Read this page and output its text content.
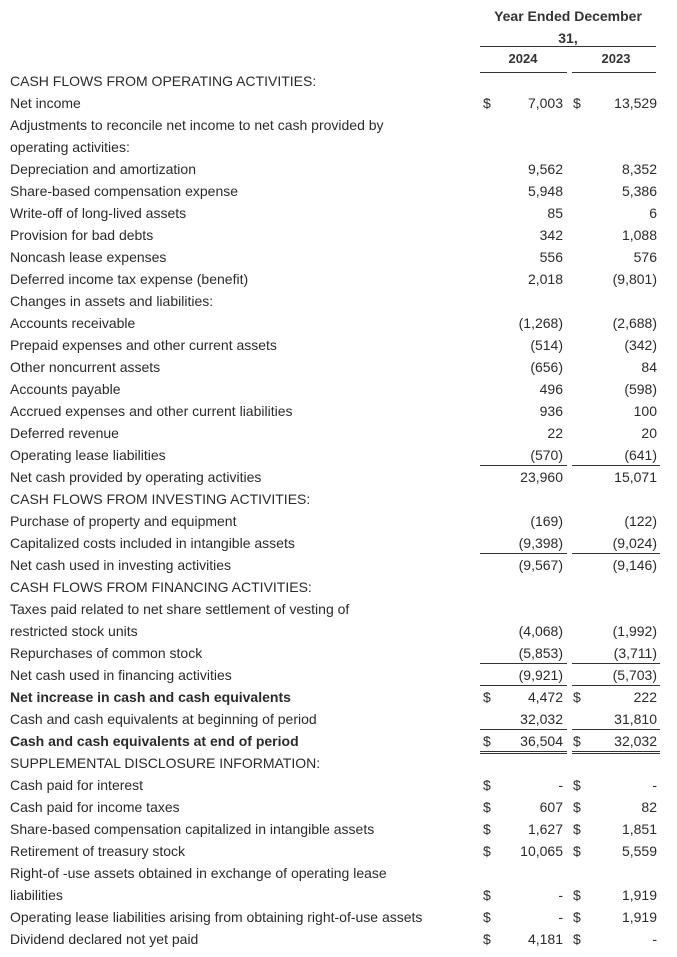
Year Ended December
31,
2024	2023
CASH FLOWS FROM OPERATING ACTIVITIES:
Net income	$	7,003 $	13,529
Adjustments to reconcile net income to net cash provided by
operating activities:
Depreciation and amortization	9,562	8,352
Share-based compensation expense	5,948	5,386
Write-off of long-lived assets	85	6
Provision for bad debts	342	1,088
Noncash lease expenses	556	576
Deferred income tax expense (benefit)	2,018	(9,801)
Changes in assets and liabilities:
Accounts receivable	(1,268)	(2,688)
Prepaid expenses and other current assets	(514)	(342)
Other noncurrent assets	(656)	84
Accounts payable	496	(598)
Accrued expenses and other current liabilities	936	100
Deferred revenue	22	20
Operating lease liabilities	(570)	(641)
Net cash provided by operating activities	23,960	15,071
CASH FLOWS FROM INVESTING ACTIVITIES:
Purchase of property and equipment	(169)	(122)
Capitalized costs included in intangible assets	(9,398)	(9,024)
Net cash used in investing activities	(9,567)	(9,146)
CASH FLOWS FROM FINANCING ACTIVITIES:
Taxes paid related to net share settlement of vesting of
restricted stock units	(4,068)	(1,992)
Repurchases of common stock	(5,853)	(3,711)
Net cash used in financing activities	(9,921)	(5,703)
Net increase in cash and cash equivalents	$	4,472 $	222
Cash and cash equivalents at beginning of period	32,032	31,810
Cash and cash equivalents at end of period	$	36,504 $	32,032
SUPPLEMENTAL DISCLOSURE INFORMATION:
Cash paid for interest	$	- $	-
Cash paid for income taxes	$	607 $	82
Share-based compensation capitalized in intangible assets	$	1,627 $	1,851
Retirement of treasury stock	$	10,065 $	5,559
Right-of -use assets obtained in exchange of operating lease
liabilities	$	- $	1,919
Operating lease liabilities arising from obtaining right-of-use assets	$	- $	1,919
Dividend declared not yet paid	$	4,181 $	-
